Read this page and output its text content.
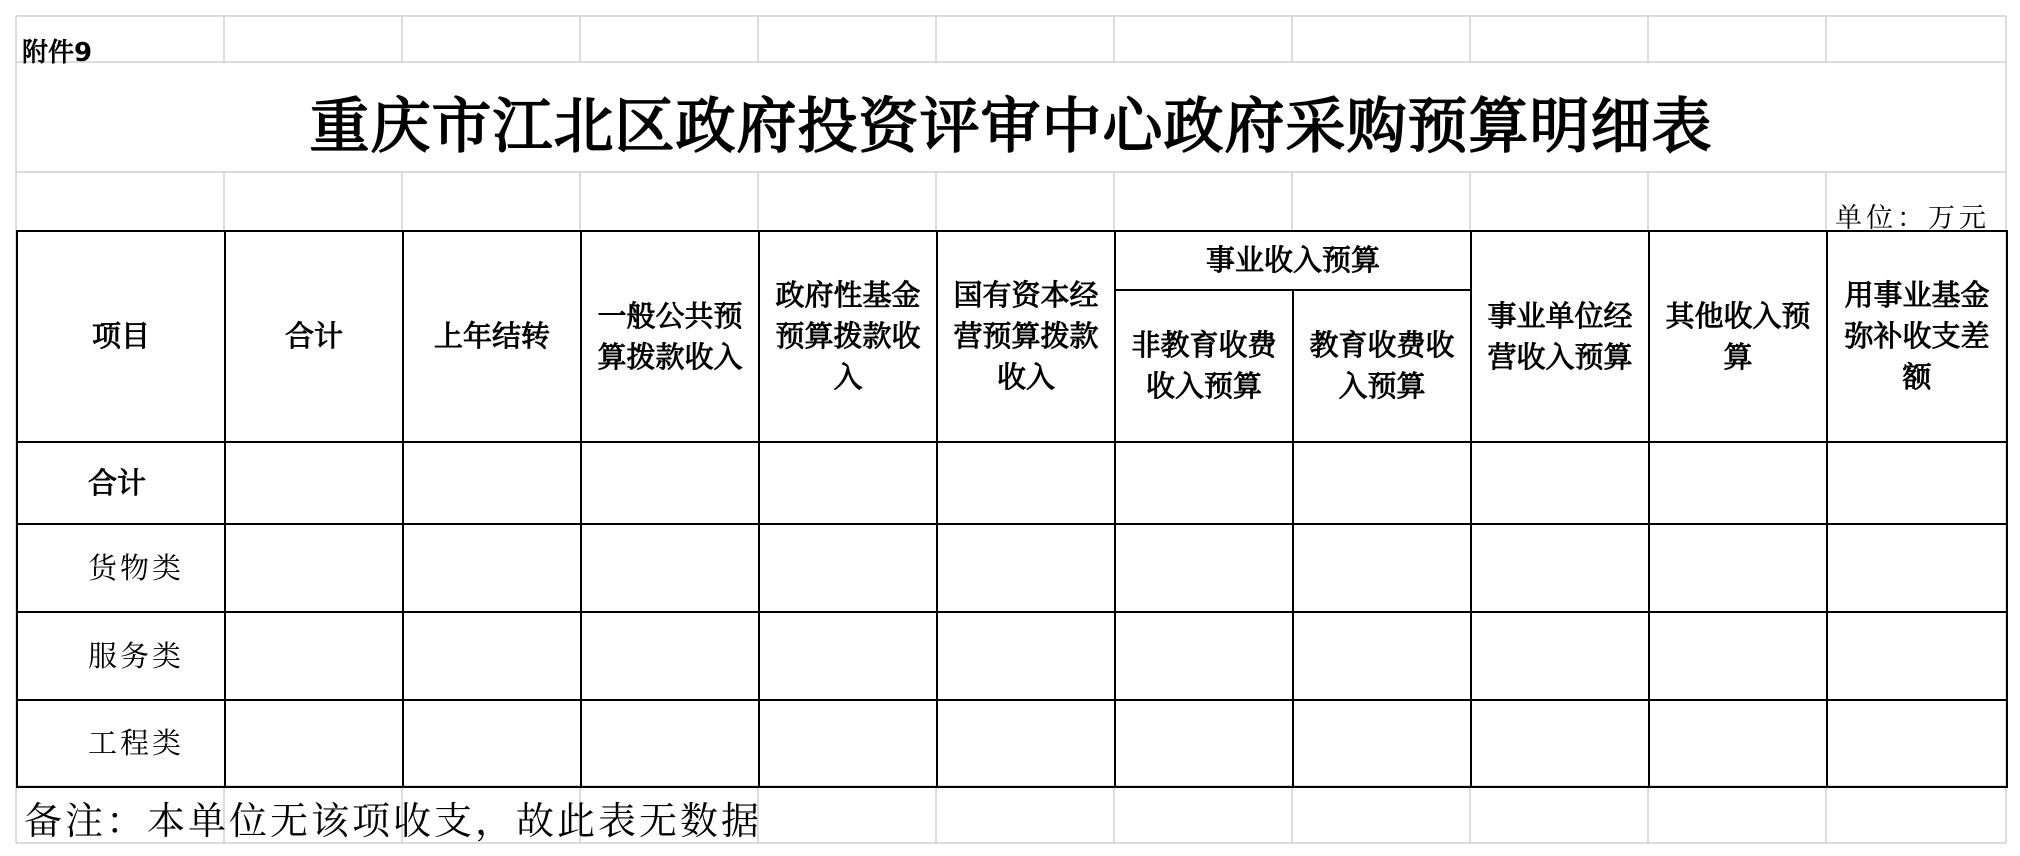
附件9
重庆市江北区政府投资评审中心政府采购预算明细表
单位：万元
项目	合计	上年结转	一般公共预算拨款收入	政府性基金预算拨款收入	国有资本经营预算拨款收入	事业收入预算		事业单位经营收入预算	其他收入预算	用事业基金弥补收支差额
						非教育收费收入预算	教育收费收入预算			
合计										
货物类										
服务类										
工程类										
备注：本单位无该项收支，故此表无数据
